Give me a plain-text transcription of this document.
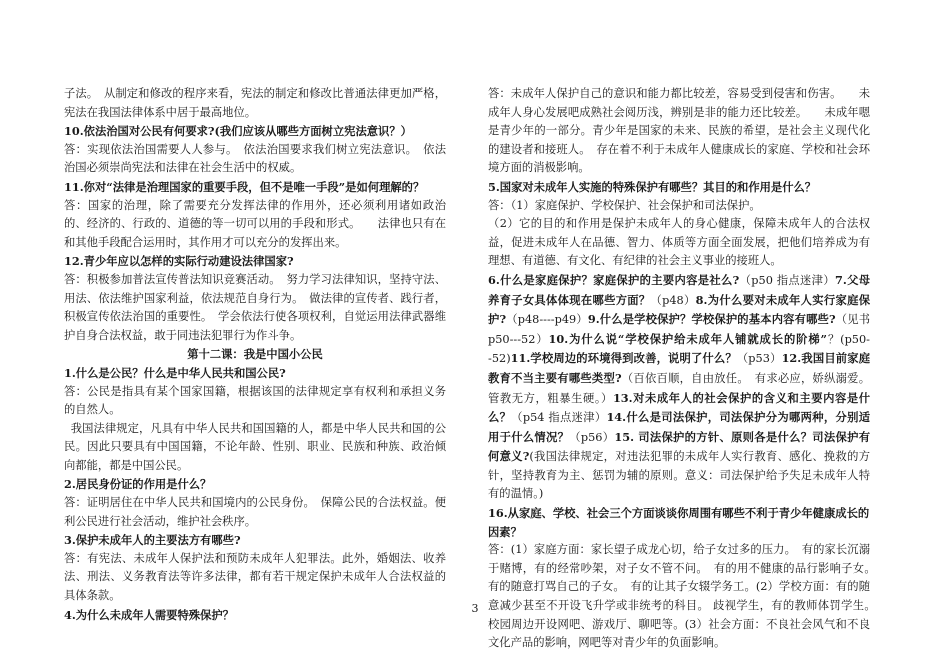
子法。　从制定和修改的程序来看，宪法的制定和修改比普通法律更加严格，宪法在我国法律体系中居于最高地位。

10.依法治国对公民有何要求?(我们应该从哪些方面树立宪法意识？）

答：实现依法治国需要人人参与。　依法治国要求我们树立宪法意识。　依法治国必须崇尚宪法和法律在社会生活中的权威。

11.你对“法律是治理国家的重要手段，但不是唯一手段”是如何理解的？

答：国家的治理，除了需要充分发挥法律的作用外，还必须利用诸如政治的、经济的、行政的、道德的等一切可以用的手段和形式。　　法律也只有在和其他手段配合运用时，其作用才可以充分的发挥出来。

12.青少年应以怎样的实际行动建设法律国家?

答：积极参加普法宣传普法知识竞赛活动。　努力学习法律知识，坚持守法、用法、依法维护国家利益，依法规范自身行为。　做法律的宣传者、践行者，积极宣传依法治国的重要性。　学会依法行使各项权利，自觉运用法律武器维护自身合法权益，敢于同违法犯罪行为作斗争。

第十二课：我是中国小公民

1.什么是公民？什么是中华人民共和国公民?

答：公民是指具有某个国家国籍，根据该国的法律规定享有权利和承担义务的自然人。

我国法律规定，凡具有中华人民共和国国籍的人，都是中华人民共和国的公民。因此只要具有中国国籍，不论年龄、性别、职业、民族和种族、政治倾向都能，都是中国公民。

2.居民身份证的作用是什么？

答：证明居住在中华人民共和国境内的公民身份。　保障公民的合法权益。便利公民进行社会活动，维护社会秩序。

3.保护未成年人的主要法方有哪些?

答：有宪法、未成年人保护法和预防未成年人犯罪法。此外，婚姻法、收养法、刑法、义务教育法等许多法律，都有若干规定保护未成年人合法权益的具体条款。

4.为什么未成年人需要特殊保护？

答：未成年人保护自己的意识和能力都比较差，容易受到侵害和伤害。　　未成年人身心发展吧成熟社会阅历浅，辨别是非的能力还比较差。　　未成年嗯是青少年的一部分。青少年是国家的未来、民族的希望，是社会主义现代化的建设者和接班人。　存在着不利于未成年人健康成长的家庭、学校和社会环境方面的消极影响。

5.国家对未成年人实施的特殊保护有哪些？其目的和作用是什么？

答：（1）家庭保护、学校保护、社会保护和司法保护。

（2）它的目的和作用是保护未成年人的身心健康，保障未成年人的合法权益，促进未成年人在品德、智力、体质等方面全面发展，把他们培养成为有理想、有道德、有文化、有纪律的社会主义事业的接班人。

6.什么是家庭保护？家庭保护的主要内容是社么?（p50 指点迷津）7.父母养育子女具体体现在哪些方面？（p48）8.为什么要对未成年人实行家庭保护?（p48----p49）9.什么是学校保护？学校保护的基本内容有哪些?（见书 p50---52）10.为什么说“学校保护给未成年人铺就成长的阶梯”？(p50--52)11.学校周边的环境得到改善，说明了什么？（p53）12.我国目前家庭教育不当主要有哪些类型?（百依百顺，自由放任。　有求必应，娇纵溺爱。管教无方，粗暴生硬。）13.对未成年人的社会保护的含义和主要内容是什么？（p54 指点迷津）14.什么是司法保护，司法保护分为哪两种，分别适用于什么情况？（p56）15. 司法保护的方针、原则各是什么？司法保护有何意义?(我国法律规定，对违法犯罪的未成年人实行教育、感化、挽救的方针，坚持教育为主、惩罚为辅的原则。意义：司法保护给予失足未成年人特有的温情。)

16.从家庭、学校、社会三个方面谈谈你周围有哪些不利于青少年健康成长的因素？

答：(1）家庭方面：家长望子成龙心切，给子女过多的压力。　有的家长沉溺于赌博，有的经常吵架，对子女不管不问。　有的用不健康的品行影响子女。　有的随意打骂自己的子女。　有的让其子女辍学务工。(2）学校方面：有的随意减少甚至不开设飞升学或非统考的科目。 歧视学生，有的教师体罚学生。　校园周边开设网吧、游戏厅、聊吧等。(3）社会方面：不良社会风气和不良文化产品的影响，网吧等对青少年的负面影响。

3
